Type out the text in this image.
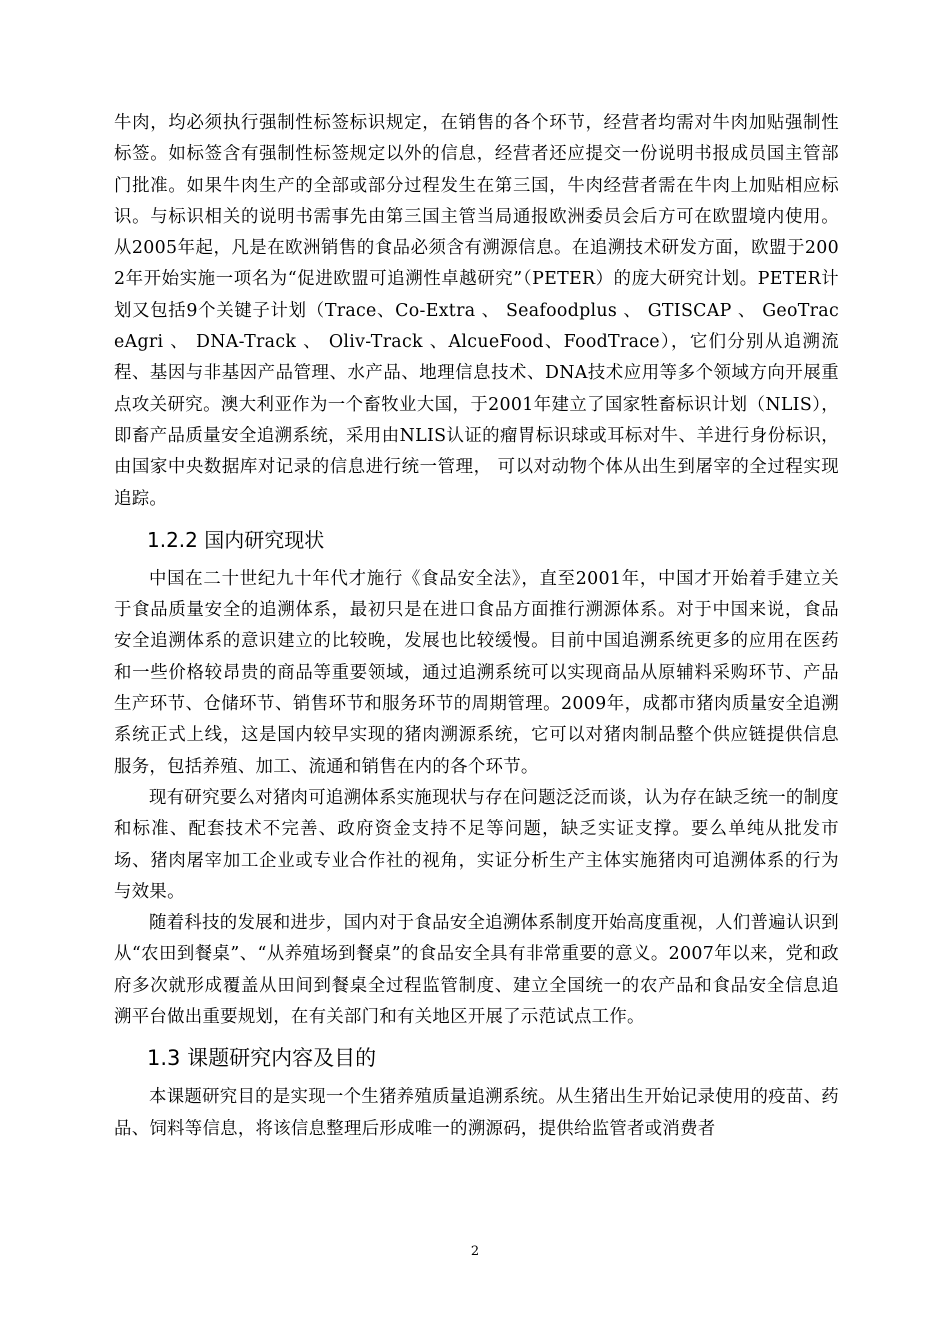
牛肉，均必须执行强制性标签标识规定，在销售的各个环节，经营者均需对牛肉加贴强制性标签。如标签含有强制性标签规定以外的信息，经营者还应提交一份说明书报成员国主管部门批准。如果牛肉生产的全部或部分过程发生在第三国，牛肉经营者需在牛肉上加贴相应标识。与标识相关的说明书需事先由第三国主管当局通报欧洲委员会后方可在欧盟境内使用。从2005年起，凡是在欧洲销售的食品必须含有溯源信息。在追溯技术研发方面，欧盟于2002年开始实施一项名为“促进欧盟可追溯性卓越研究”（PETER）的庞大研究计划。PETER计划又包括9个关键子计划（Trace、Co-Extra 、 Seafoodplus 、 GTISCAP 、 GeoTraceAgri 、 DNA-Track 、 Oliv-Track 、AlcueFood、FoodTrace），它们分别从追溯流程、基因与非基因产品管理、水产品、地理信息技术、DNA技术应用等多个领域方向开展重点攻关研究。澳大利亚作为一个畜牧业大国，于2001年建立了国家牲畜标识计划（NLIS），即畜产品质量安全追溯系统，采用由NLIS认证的瘤胃标识球或耳标对牛、羊进行身份标识，由国家中央数据库对记录的信息进行统一管理， 可以对动物个体从出生到屠宰的全过程实现追踪。

1.2.2 国内研究现状

中国在二十世纪九十年代才施行《食品安全法》，直至2001年，中国才开始着手建立关于食品质量安全的追溯体系，最初只是在进口食品方面推行溯源体系。对于中国来说，食品安全追溯体系的意识建立的比较晚，发展也比较缓慢。目前中国追溯系统更多的应用在医药和一些价格较昂贵的商品等重要领域，通过追溯系统可以实现商品从原辅料采购环节、产品 生产环节、仓储环节、销售环节和服务环节的周期管理。2009年，成都市猪肉质量安全追溯系统正式上线，这是国内较早实现的猪肉溯源系统，它可以对猪肉制品整个供应链提供信息服务，包括养殖、加工、流通和销售在内的各个环节。

现有研究要么对猪肉可追溯体系实施现状与存在问题泛泛而谈，认为存在缺乏统一的制度和标准、配套技术不完善、政府资金支持不足等问题，缺乏实证支撑。要么单纯从批发市场、猪肉屠宰加工企业或专业合作社的视角，实证分析生产主体实施猪肉可追溯体系的行为与效果。

随着科技的发展和进步，国内对于食品安全追溯体系制度开始高度重视，人们普遍认识到从“农田到餐桌”、“从养殖场到餐桌”的食品安全具有非常重要的意义。2007年以来，党和政府多次就形成覆盖从田间到餐桌全过程监管制度、建立全国统一的农产品和食品安全信息追溯平台做出重要规划，在有关部门和有关地区开展了示范试点工作。

1.3 课题研究内容及目的

本课题研究目的是实现一个生猪养殖质量追溯系统。从生猪出生开始记录使用的疫苗、药品、饲料等信息，将该信息整理后形成唯一的溯源码，提供给监管者或消费者

2
